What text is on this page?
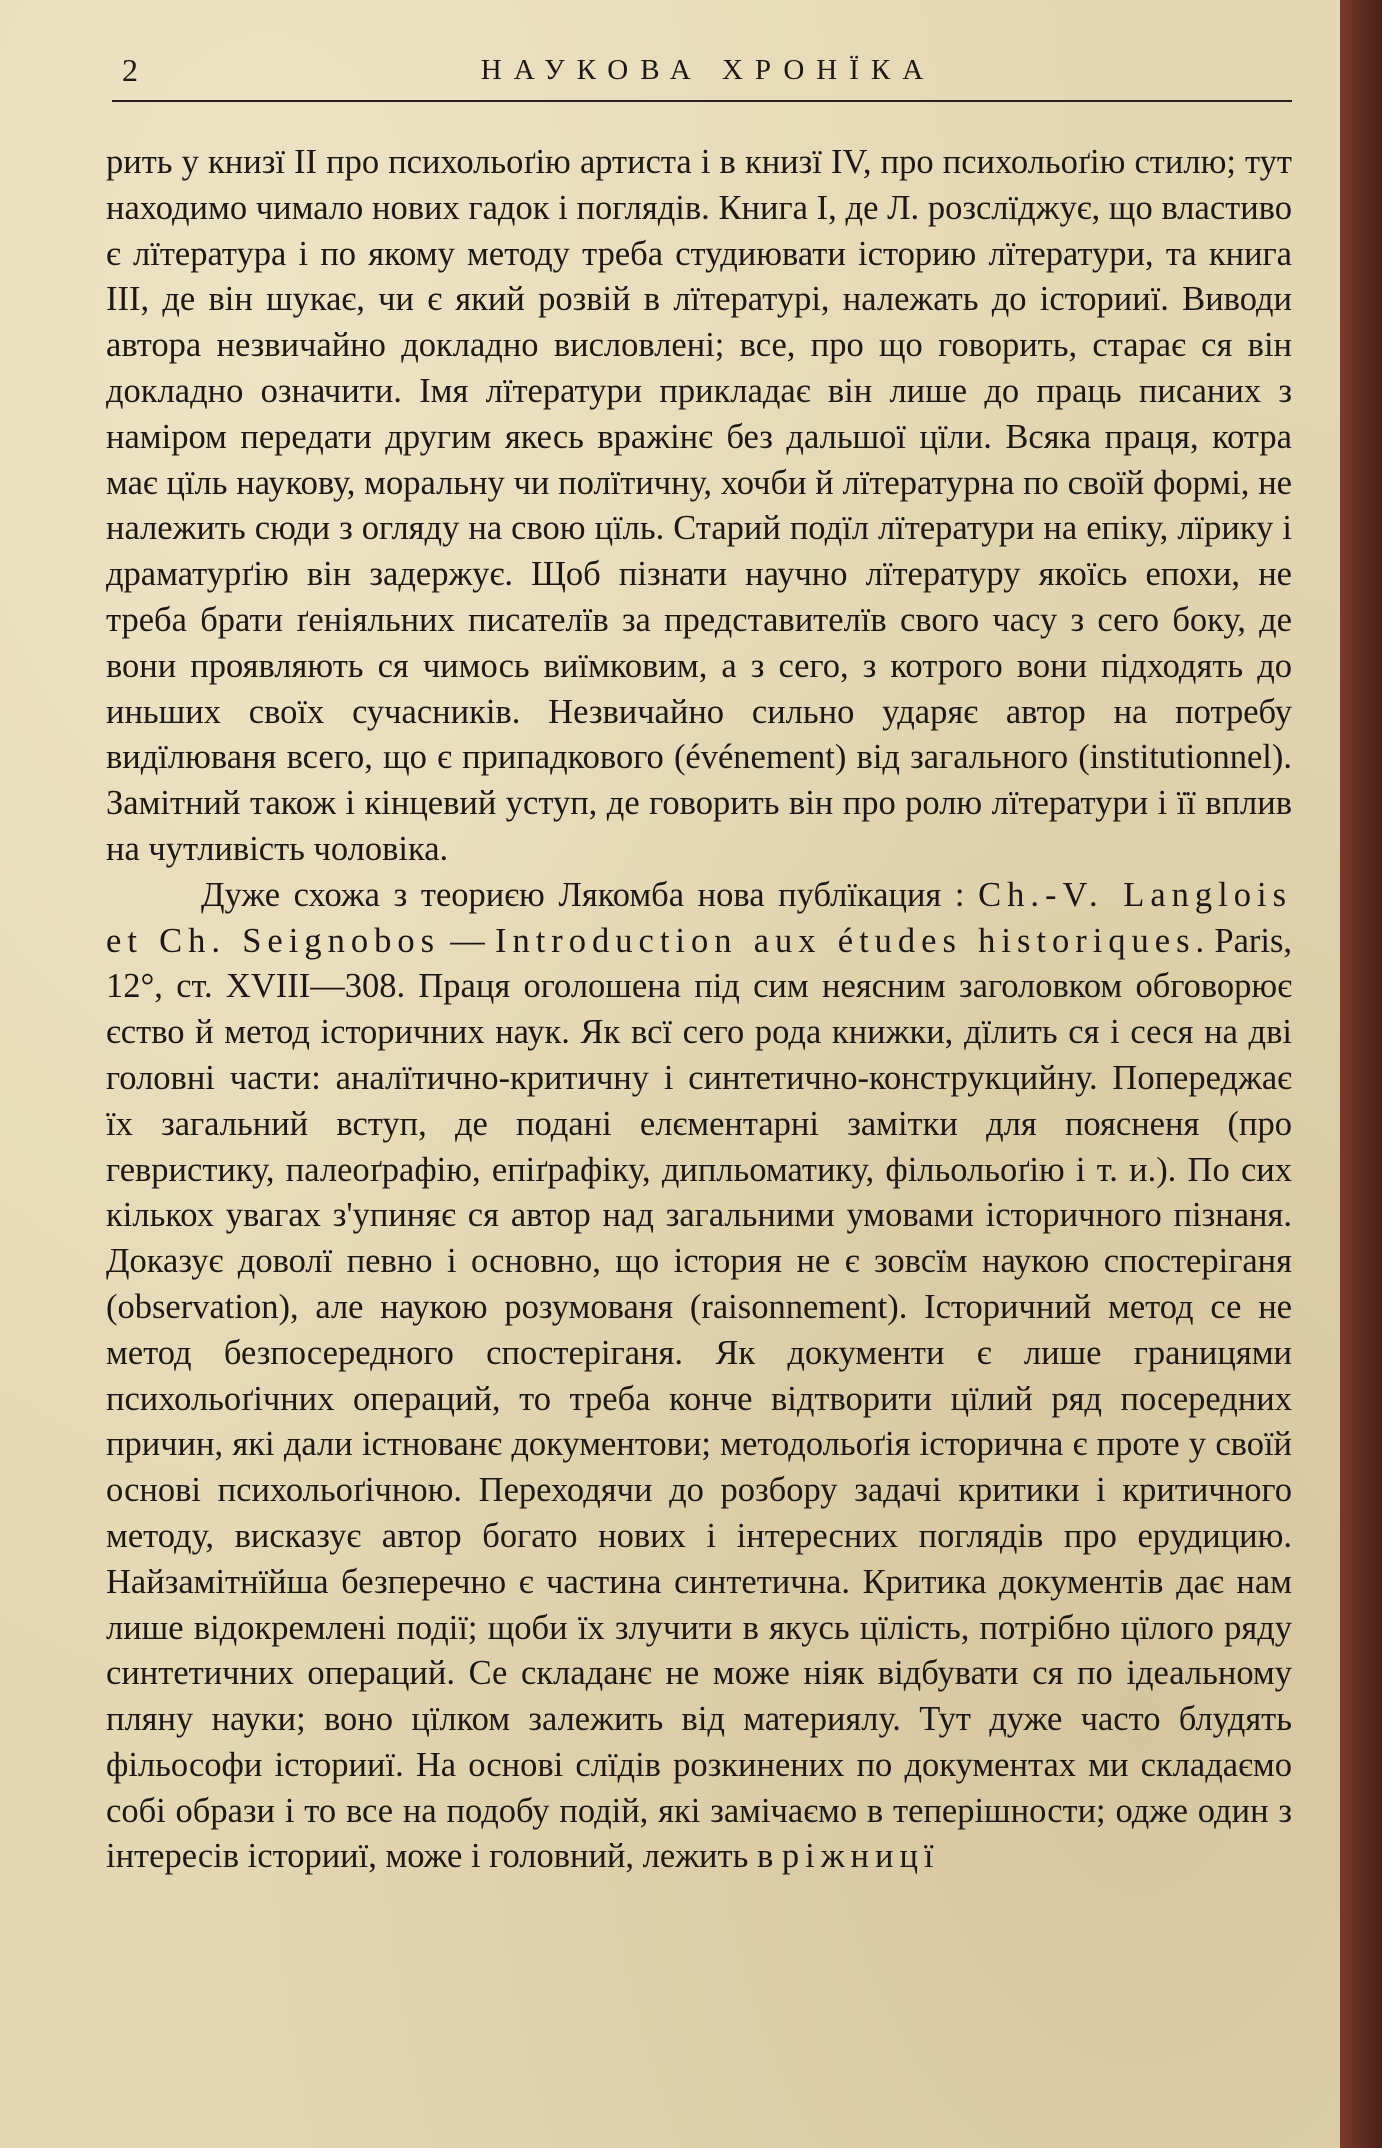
2	НАУКОВА ХРОНЇКА

рить у книзї II про психольоґію артиста і в книзї IV, про психольоґію стилю; тут находимо чимало нових гадок і поглядів. Книга І, де Л. розслїджує, що властиво є лїтература і по якому методу треба студиювати історию лїтератури, та книга III, де він шукає, чи є який розвій в лїтературі, належать до історииї. Виводи автора незвичайно докладно висловлені; все, про що говорить, старає ся він докладно означити. Імя лїтератури прикладає він лише до праць писаних з наміром передати другим якесь вражінє без дальшої цїли. Всяка праця, котра має цїль наукову, моральну чи полїтичну, хочби й лїтературна по своїй формі, не належить сюди з огляду на свою цїль. Старий подїл лїтератури на епіку, лїрику і драматурґію він задержує. Щоб пізнати научно лїтературу якоїсь епохи, не треба брати ґеніяльних писателїв за представителїв свого часу з сего боку, де вони проявляють ся чимось виїмковим, а з сего, з котрого вони підходять до иньших своїх сучасників. Незвичайно сильно ударяє автор на потребу видїлюваня всего, що є припадкового (événement) від загального (institutionnel). Замітний також і кінцевий уступ, де говорить він про ролю лїтератури і її вплив на чутливість чоловіка.

Дуже схожа з теориєю Лякомба нова публїкация : Ch.-V. Langlois et Ch. Seignobos — Introduction aux études historiques. Paris, 12°, ст. XVIII—308. Праця оголошена під сим неясним заголовком обговорює єство й метод історичних наук. Як всї сего рода книжки, дїлить ся і сеся на дві головні части: аналїтично-критичну і синтетично-конструкцийну. Попереджає їх загальний вступ, де подані елєментарні замітки для поясненя (про гевристику, палеоґрафію, епіґрафіку, дипльоматику, фільольоґію і т. и.). По сих кількох увагах з'упиняє ся автор над загальними умовами історичного пізнаня. Доказує доволї певно і основно, що істория не є зовсїм наукою спостеріганя (observation), але наукою розумованя (raisonnement). Історичний метод се не метод безпосередного спостеріганя. Як документи є лише границями психольоґічних операций, то треба конче відтворити цїлий ряд посередних причин, які дали істнованє документови; методольоґія історична є проте у своїй основі психольоґічною. Переходячи до розбору задачі критики і критичного методу, висказує автор богато нових і інтересних поглядів про ерудицию. Найзамітнїйша безперечно є частина синтетична. Критика документів дає нам лише відокремлені події; щоби їх злучити в якусь цїлість, потрібно цїлого ряду синтетичних операций. Се складанє не може ніяк відбувати ся по ідеальному пляну науки; воно цїлком залежить від материялу. Тут дуже часто блудять фільософи історииї. На основі слїдів розкинених по документах ми складаємо собі образи і то все на подобу подій, які замічаємо в теперішности; одже один з інтересів історииї, може і головний, лежить в ріжницї
